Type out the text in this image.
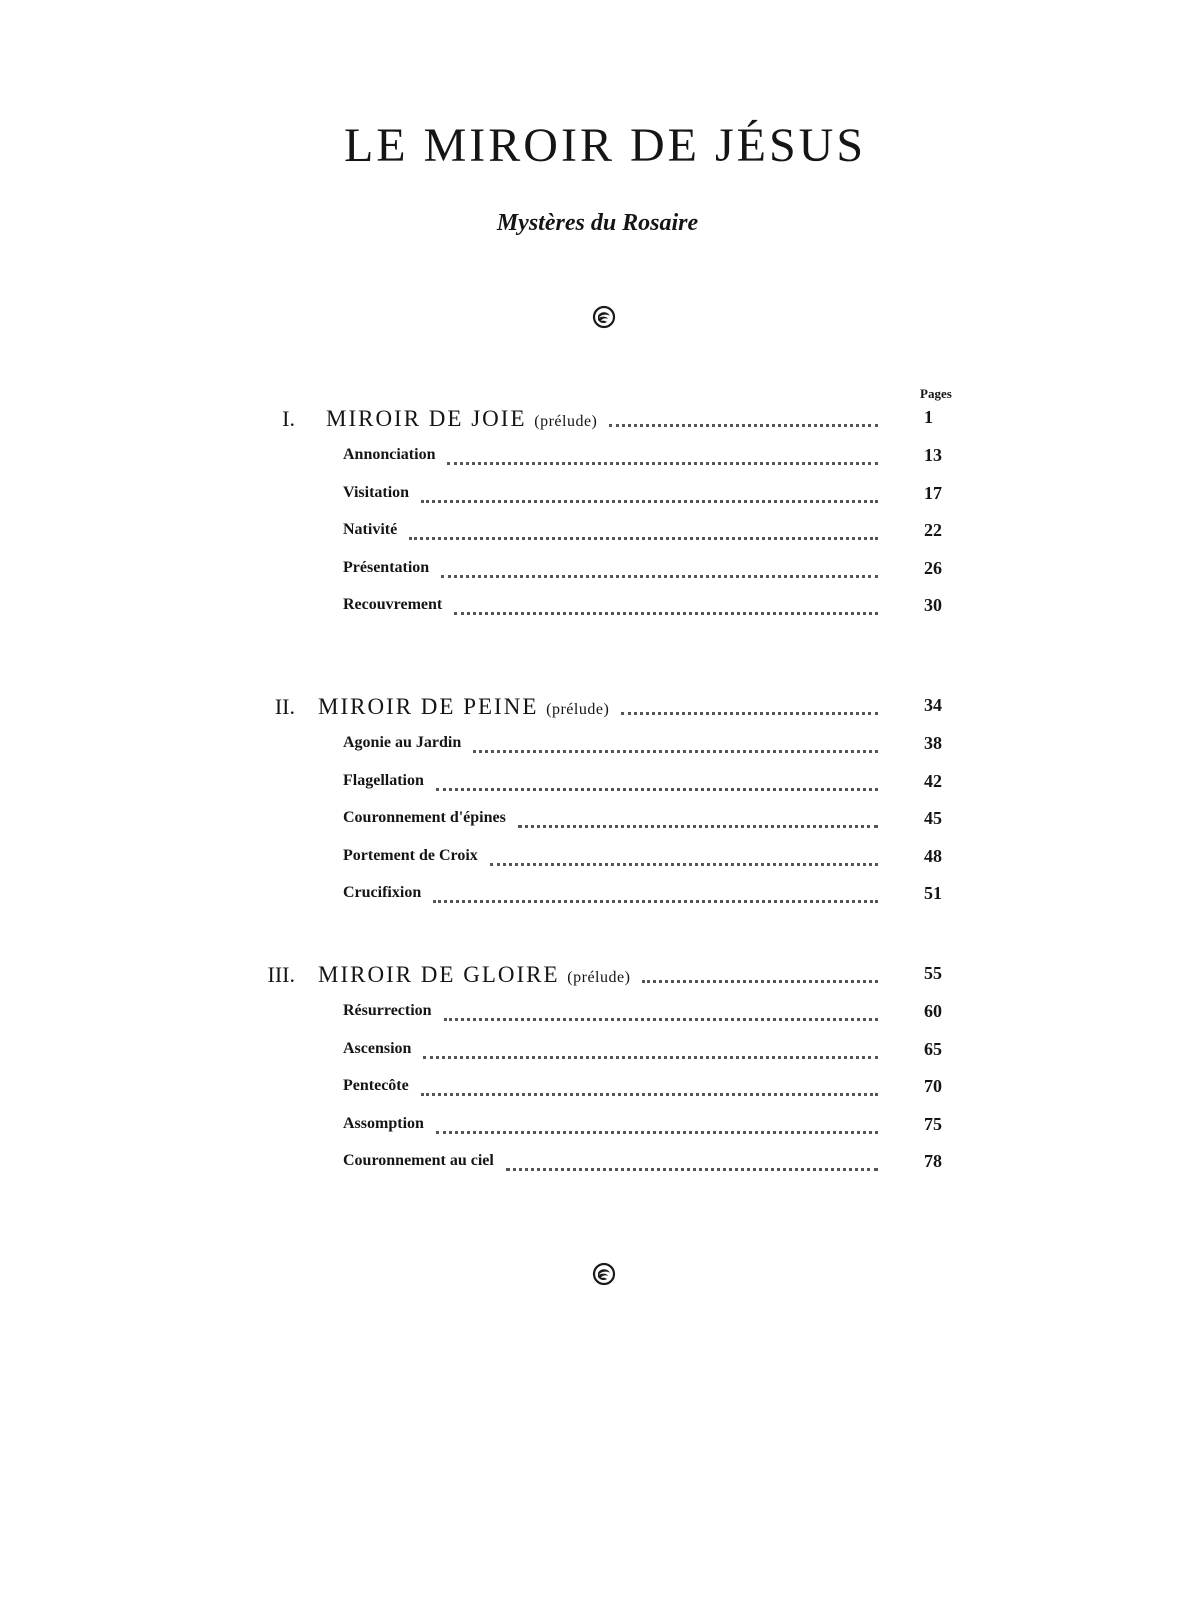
LE MIROIR DE JÉSUS
Mystères du Rosaire
Pages
I. MIROIR DE JOIE (prélude)	1
Annonciation	13
Visitation	17
Nativité	22
Présentation	26
Recouvrement	30
II. MIROIR DE PEINE (prélude)	34
Agonie au Jardin	38
Flagellation	42
Couronnement d'épines	45
Portement de Croix	48
Crucifixion	51
III. MIROIR DE GLOIRE (prélude)	55
Résurrection	60
Ascension	65
Pentecôte	70
Assomption	75
Couronnement au ciel	78
